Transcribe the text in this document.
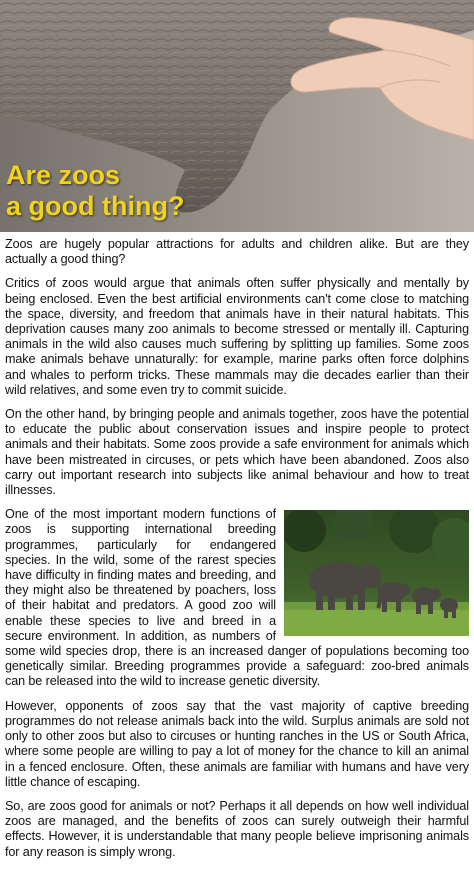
Are zoos
a good thing?

Zoos are hugely popular attractions for adults and children alike. But are they actually a good thing?

Critics of zoos would argue that animals often suffer physically and mentally by being enclosed. Even the best artificial environments can't come close to matching the space, diversity, and freedom that animals have in their natural habitats. This deprivation causes many zoo animals to become stressed or mentally ill. Capturing animals in the wild also causes much suffering by splitting up families. Some zoos make animals behave unnaturally: for example, marine parks often force dolphins and whales to perform tricks. These mammals may die decades earlier than their wild relatives, and some even try to commit suicide.

On the other hand, by bringing people and animals together, zoos have the potential to educate the public about conservation issues and inspire people to protect animals and their habitats. Some zoos provide a safe environment for animals which have been mistreated in circuses, or pets which have been abandoned. Zoos also carry out important research into subjects like animal behaviour and how to treat illnesses.

One of the most important modern functions of zoos is supporting international breeding programmes, particularly for endangered species. In the wild, some of the rarest species have difficulty in finding mates and breeding, and they might also be threatened by poachers, loss of their habitat and predators. A good zoo will enable these species to live and breed in a secure environment. In addition, as numbers of some wild species drop, there is an increased danger of populations becoming too genetically similar. Breeding programmes provide a safeguard: zoo-bred animals can be released into the wild to increase genetic diversity.

However, opponents of zoos say that the vast majority of captive breeding programmes do not release animals back into the wild. Surplus animals are sold not only to other zoos but also to circuses or hunting ranches in the US or South Africa, where some people are willing to pay a lot of money for the chance to kill an animal in a fenced enclosure. Often, these animals are familiar with humans and have very little chance of escaping.

So, are zoos good for animals or not? Perhaps it all depends on how well individual zoos are managed, and the benefits of zoos can surely outweigh their harmful effects. However, it is understandable that many people believe imprisoning animals for any reason is simply wrong.
